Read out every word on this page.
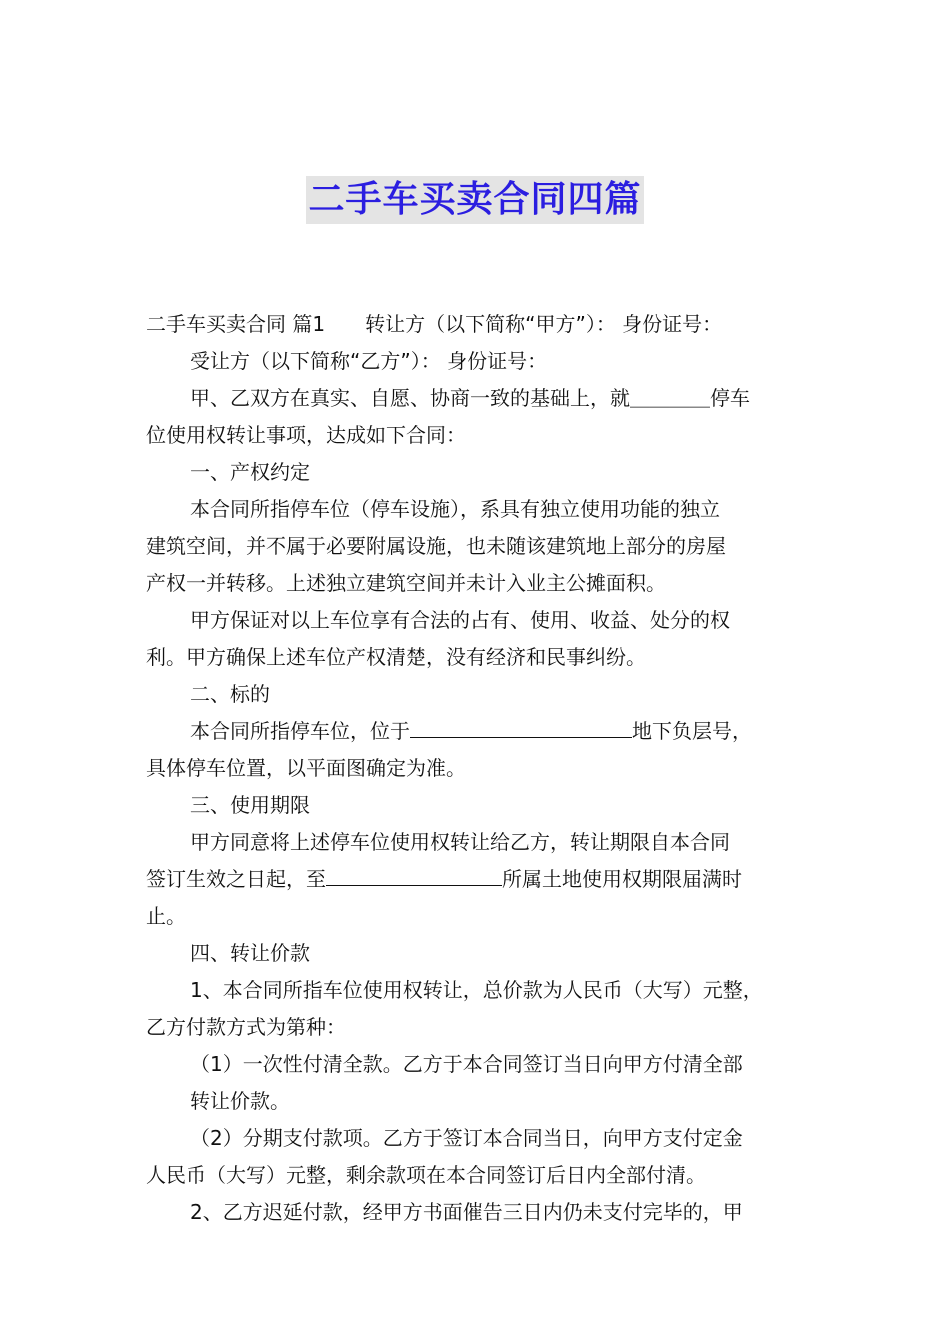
二手车买卖合同四篇

二手车买卖合同 篇1 转让方（以下简称“甲方”）： 身份证号：

受让方（以下简称“乙方”）： 身份证号：

甲、乙双方在真实、自愿、协商一致的基础上，就＿＿＿＿停车

位使用权转让事项，达成如下合同：

一、产权约定

本合同所指停车位（停车设施），系具有独立使用功能的独立

建筑空间，并不属于必要附属设施，也未随该建筑地上部分的房屋

产权一并转移。上述独立建筑空间并未计入业主公摊面积。

甲方保证对以上车位享有合法的占有、使用、收益、处分的权

利。甲方确保上述车位产权清楚，没有经济和民事纠纷。

二、标的

本合同所指停车位，位于	地下负层号，

具体停车位置，以平面图确定为准。

三、使用期限

甲方同意将上述停车位使用权转让给乙方，转让期限自本合同

签订生效之日起，至	所属土地使用权期限届满时

止。

四、转让价款

1、本合同所指车位使用权转让，总价款为人民币（大写）元整，

乙方付款方式为第种：

（1）一次性付清全款。乙方于本合同签订当日向甲方付清全部

转让价款。

（2）分期支付款项。乙方于签订本合同当日，向甲方支付定金

人民币（大写）元整，剩余款项在本合同签订后日内全部付清。

2、乙方迟延付款，经甲方书面催告三日内仍未支付完毕的，甲
